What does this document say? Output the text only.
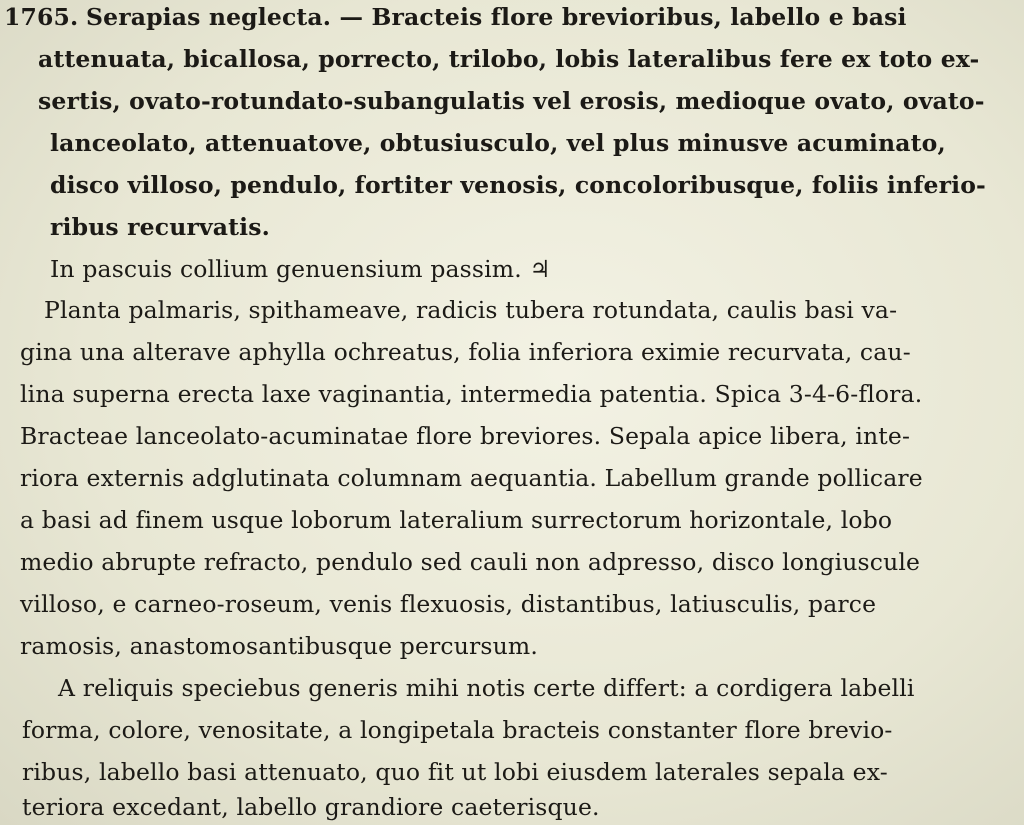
1765. Serapias neglecta. — Bracteis flore brevioribus, labello e basi
attenuata, bicallosa, porrecto, trilobo, lobis lateralibus fere ex toto ex-
sertis, ovato-rotundato-subangulatis vel erosis, medioque ovato, ovato-
lanceolato, attenuatove, obtusiusculo, vel plus minusve acuminato,
disco villoso, pendulo, fortiter venosis, concoloribusque, foliis inferio-
ribus recurvatis.
In pascuis collium genuensium passim. ♃
Planta palmaris, spithameave, radicis tubera rotundata, caulis basi va-
gina una alterave aphylla ochreatus, folia inferiora eximie recurvata, cau-
lina superna erecta laxe vaginantia, intermedia patentia. Spica 3-4-6-flora.
Bracteae lanceolato-acuminatae flore breviores. Sepala apice libera, inte-
riora externis adglutinata columnam aequantia. Labellum grande pollicare
a basi ad finem usque loborum lateralium surrectorum horizontale, lobo
medio abrupte refracto, pendulo sed cauli non adpresso, disco longiuscule
villoso, e carneo-roseum, venis flexuosis, distantibus, latiusculis, parce
ramosis, anastomosantibusque percursum.
A reliquis speciebus generis mihi notis certe differt: a cordigera labelli
forma, colore, venositate, a longipetala bracteis constanter flore brevio-
ribus, labello basi attenuato, quo fit ut lobi eiusdem laterales sepala ex-
teriora excedant, labello grandiore caeterisque.
